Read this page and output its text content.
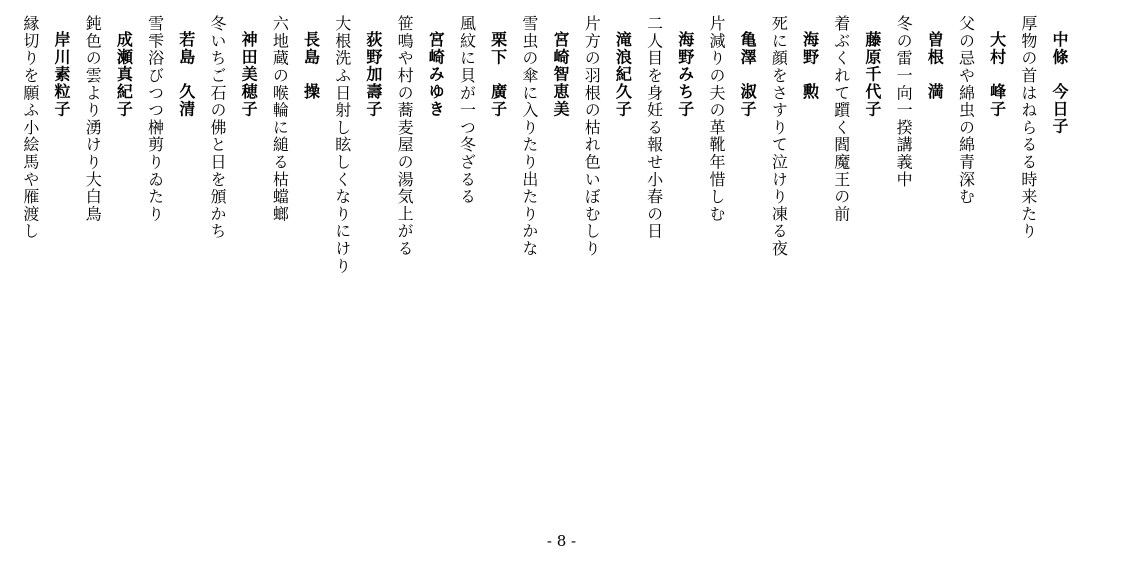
中條　今日子
厚物の首はねらるる時来たり
大村　峰子
父の忌や綿虫の綿青深む
曽根　満
冬の雷一向一揆講義中
藤原千代子
着ぶくれて躓く閻魔王の前
海野　勲
死に顔をさすりて泣けり凍る夜
亀澤　淑子
片減りの夫の革靴年惜しむ
海野みち子
二人目を身妊る報せ小春の日
滝浪紀久子
片方の羽根の枯れ色いぼむしり
宮崎智恵美
雪虫の傘に入りたり出たりかな
栗下　廣子
風紋に貝が一つ冬ざるる
宮崎みゆき
笹鳴や村の蕎麦屋の湯気上がる
荻野加壽子
大根洗ふ日射し眩しくなりにけり
長島　操
六地蔵の喉輪に縋る枯蟷螂
神田美穂子
冬いちご石の佛と日を頒かち
若島　久清
雪雫浴びつつ榊剪りゐたり
成瀬真紀子
鈍色の雲より湧けり大白鳥
岸川素粒子
縁切りを願ふ小絵馬や雁渡し
- 8 -
